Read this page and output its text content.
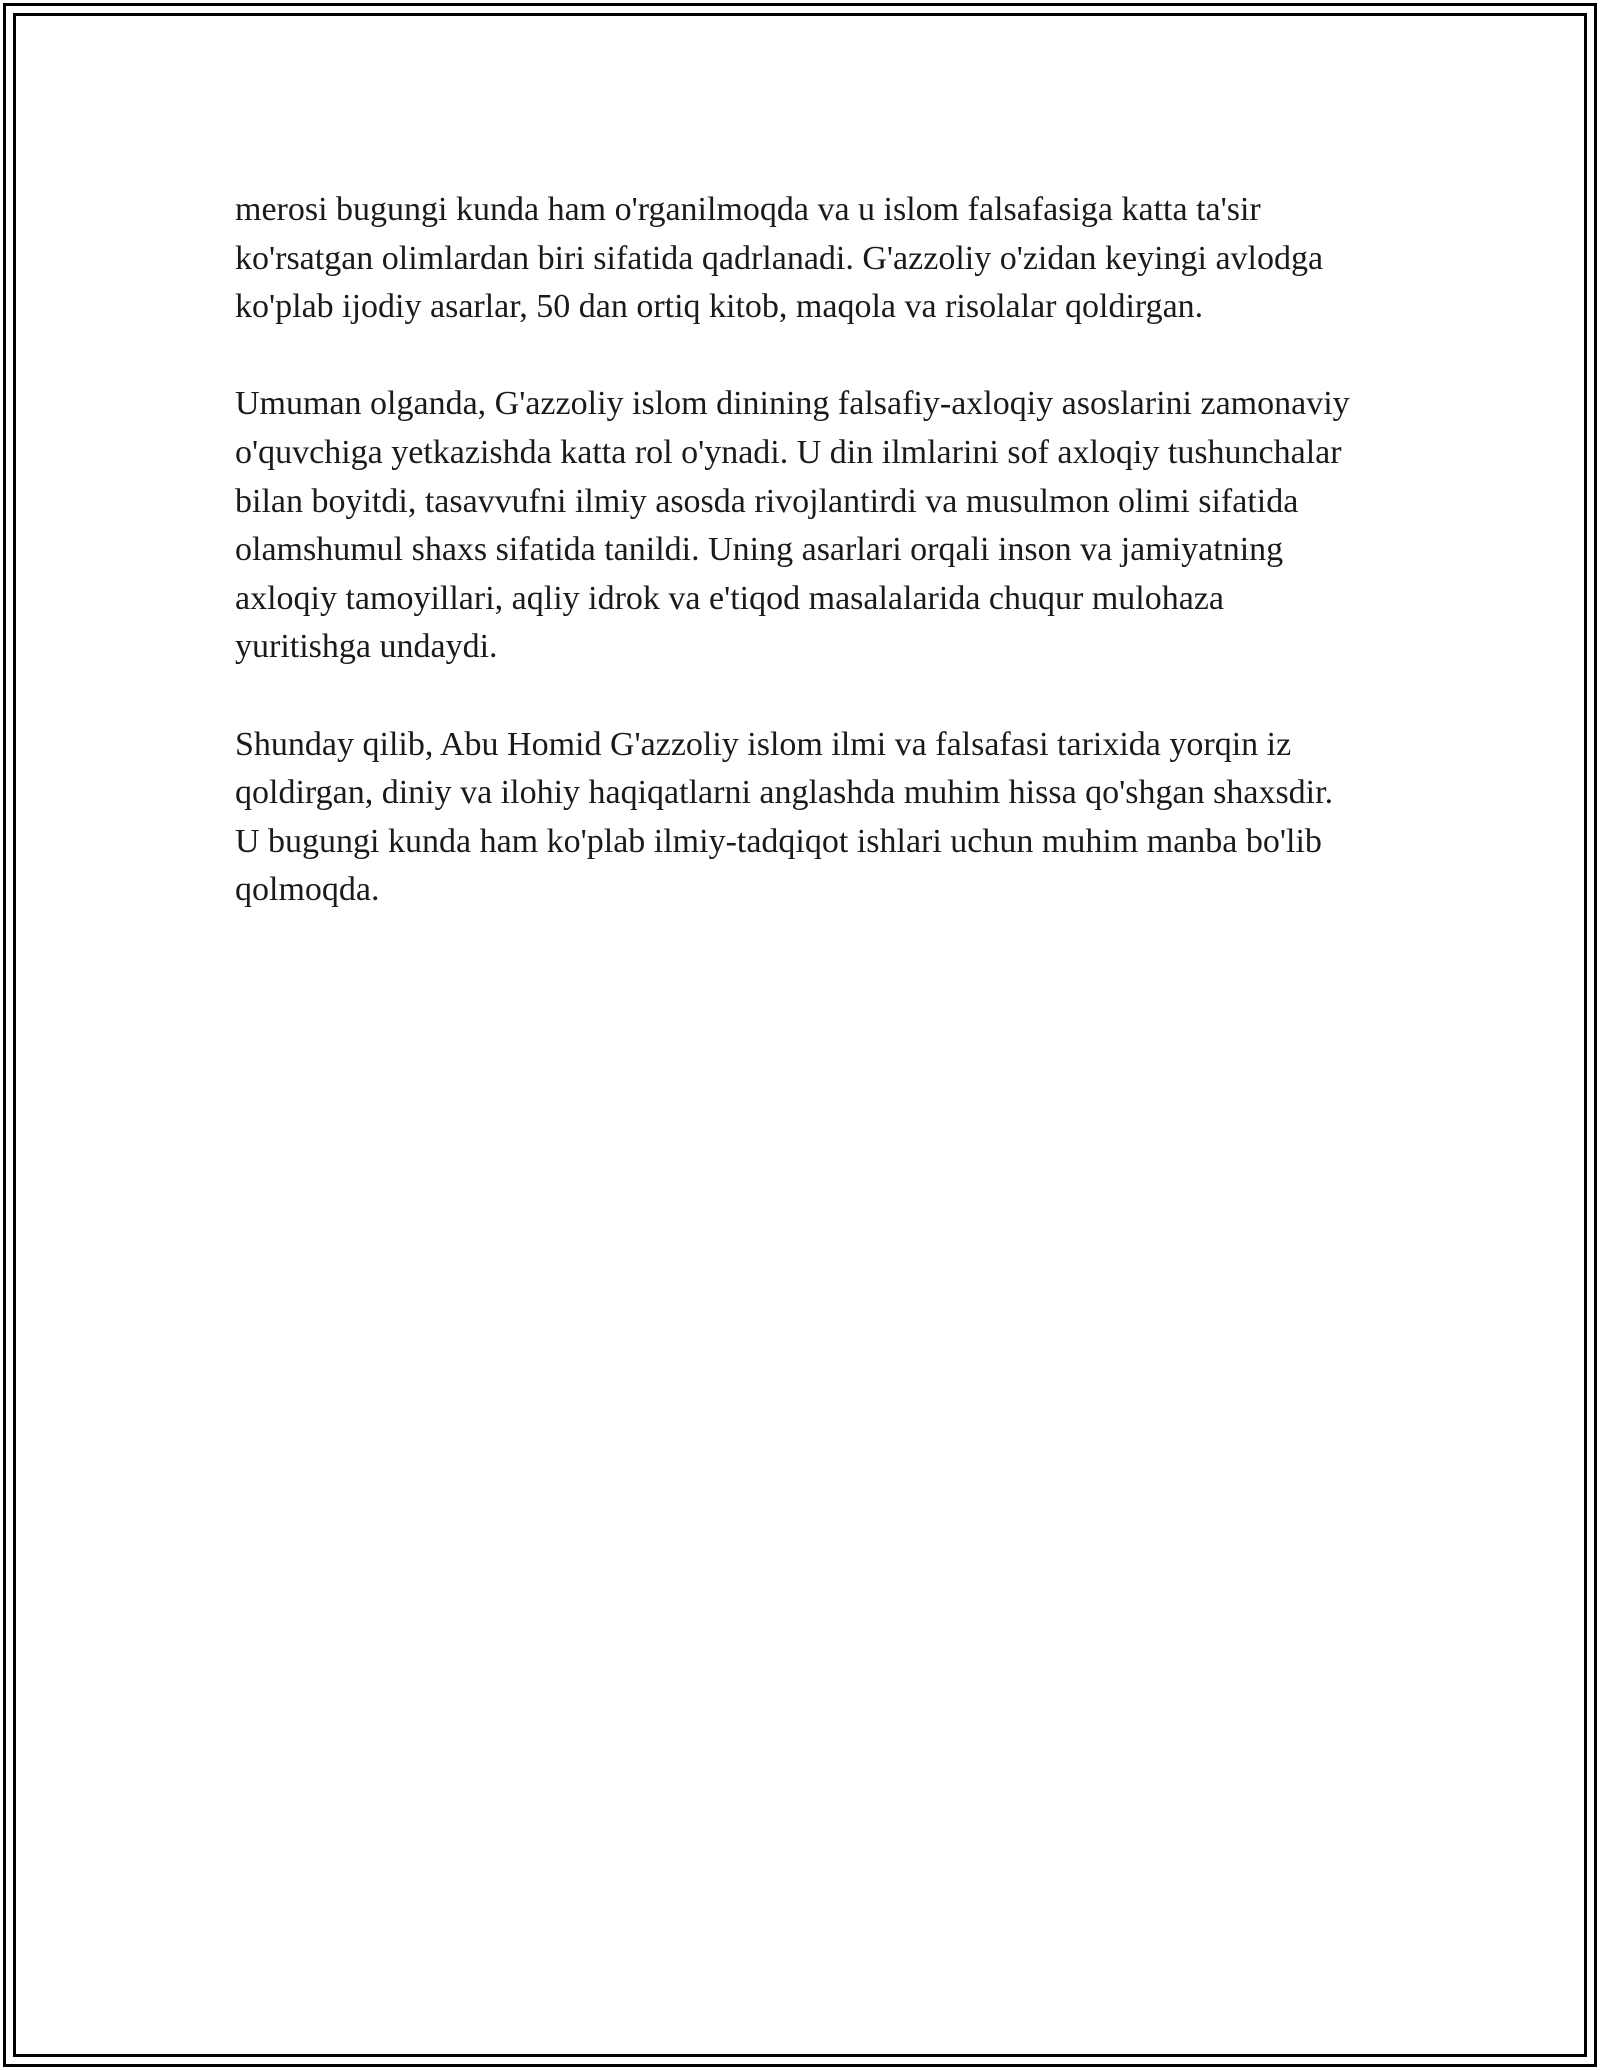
merosi bugungi kunda ham o'rganilmoqda va u islom falsafasiga katta ta'sir ko'rsatgan olimlardan biri sifatida qadrlanadi. G'azzoliy o'zidan keyingi avlodga ko'plab ijodiy asarlar, 50 dan ortiq kitob, maqola va risolalar qoldirgan.

Umuman olganda, G'azzoliy islom dinining falsafiy-axloqiy asoslarini zamonaviy o'quvchiga yetkazishda katta rol o'ynadi. U din ilmlarini sof axloqiy tushunchalar bilan boyitdi, tasavvufni ilmiy asosda rivojlantirdi va musulmon olimi sifatida olamshumul shaxs sifatida tanildi. Uning asarlari orqali inson va jamiyatning axloqiy tamoyillari, aqliy idrok va e'tiqod masalalarida chuqur mulohaza yuritishga undaydi.

Shunday qilib, Abu Homid G'azzoliy islom ilmi va falsafasi tarixida yorqin iz qoldirgan, diniy va ilohiy haqiqatlarni anglashda muhim hissa qo'shgan shaxsdir. U bugungi kunda ham ko'plab ilmiy-tadqiqot ishlari uchun muhim manba bo'lib qolmoqda.
